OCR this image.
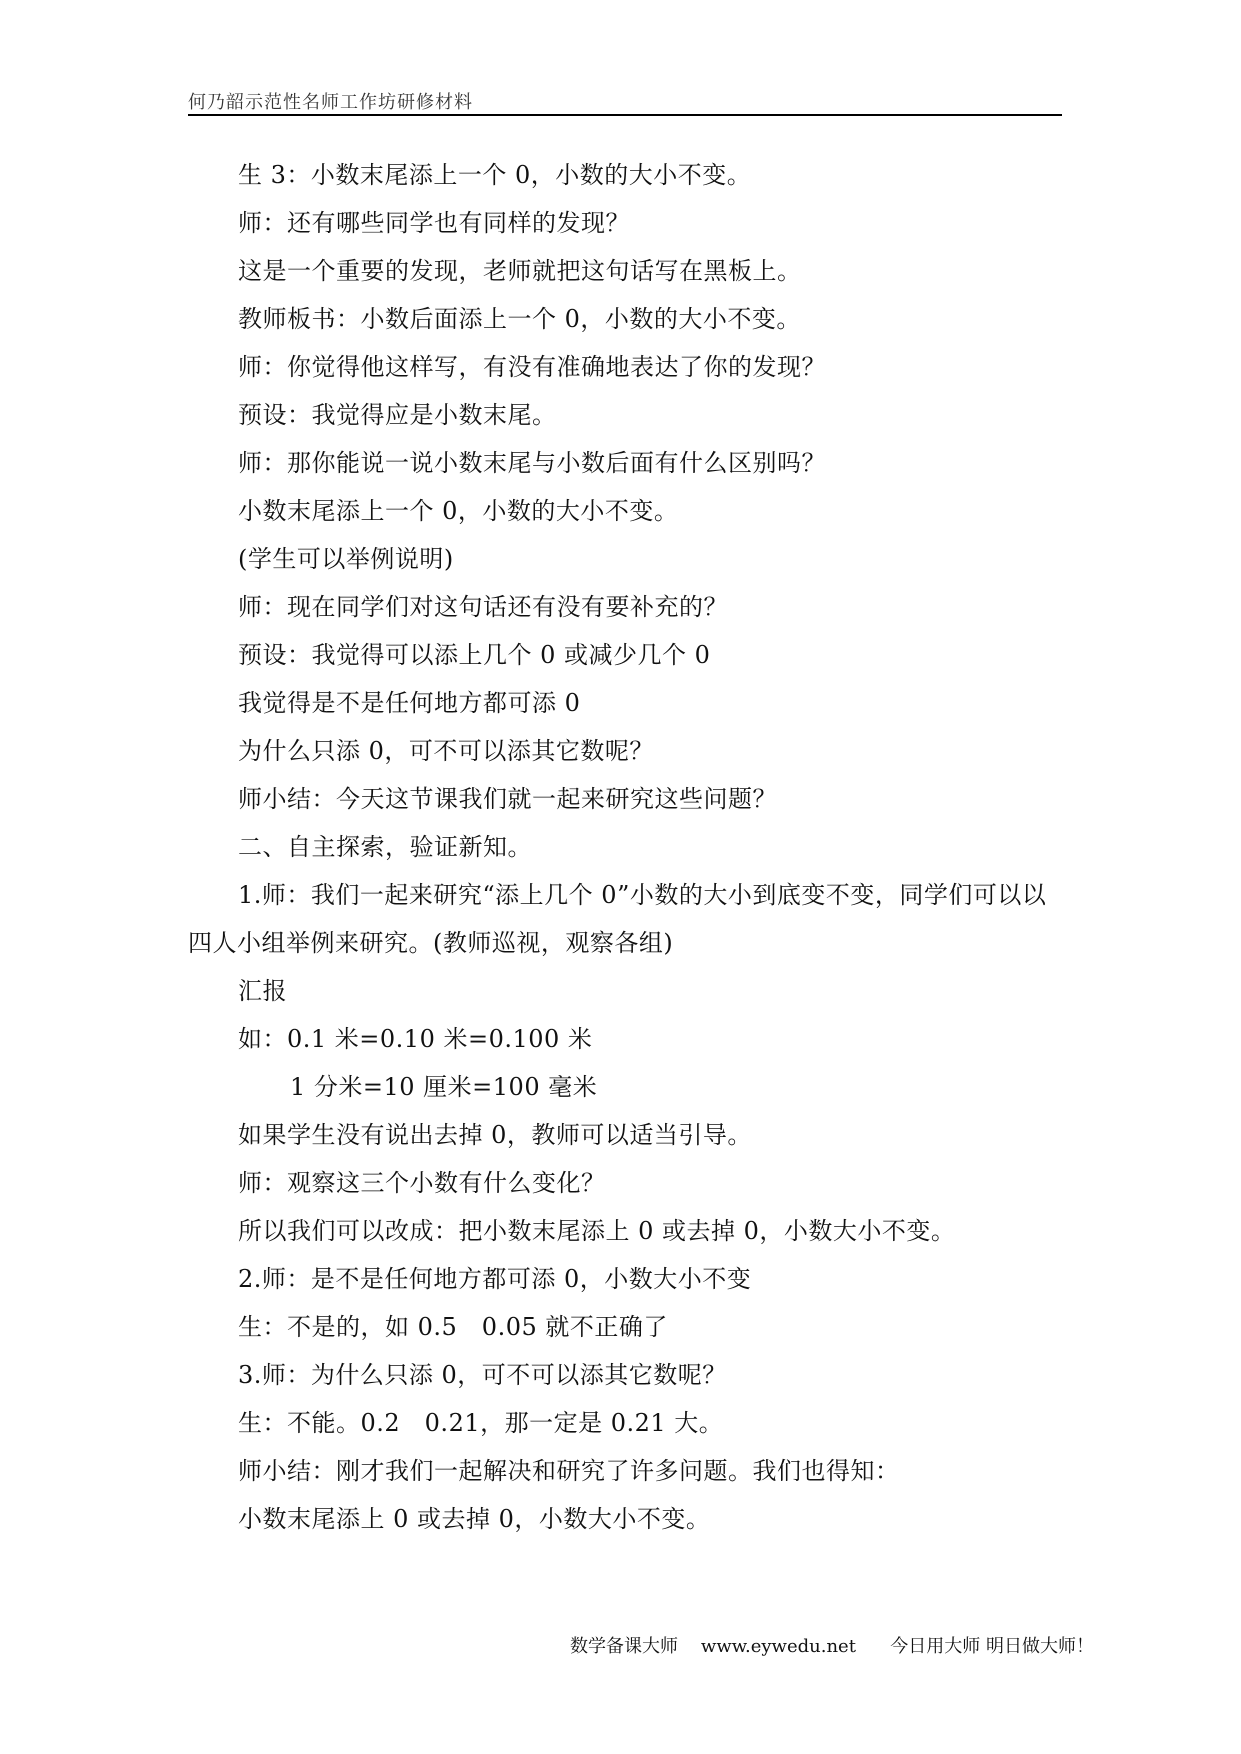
何乃韶示范性名师工作坊研修材料
生 3：小数末尾添上一个 0，小数的大小不变。
师：还有哪些同学也有同样的发现？
这是一个重要的发现，老师就把这句话写在黑板上。
教师板书：小数后面添上一个 0，小数的大小不变。
师：你觉得他这样写，有没有准确地表达了你的发现？
预设：我觉得应是小数末尾。
师：那你能说一说小数末尾与小数后面有什么区别吗？
小数末尾添上一个 0，小数的大小不变。
(学生可以举例说明)
师：现在同学们对这句话还有没有要补充的？
预设：我觉得可以添上几个 0 或减少几个 0
我觉得是不是任何地方都可添 0
为什么只添 0，可不可以添其它数呢？
师小结：今天这节课我们就一起来研究这些问题？
二、自主探索，验证新知。
1.师：我们一起来研究“添上几个 0”小数的大小到底变不变，同学们可以以
四人小组举例来研究。(教师巡视，观察各组)
汇报
如：0.1 米=0.10 米=0.100 米
1 分米=10 厘米=100 毫米
如果学生没有说出去掉 0，教师可以适当引导。
师：观察这三个小数有什么变化？
所以我们可以改成：把小数末尾添上 0 或去掉 0，小数大小不变。
2.师：是不是任何地方都可添 0，小数大小不变
生：不是的，如 0.5　0.05 就不正确了
3.师：为什么只添 0，可不可以添其它数呢？
生：不能。0.2　0.21，那一定是 0.21 大。
师小结：刚才我们一起解决和研究了许多问题。我们也得知：
小数末尾添上 0 或去掉 0，小数大小不变。
数学备课大师 www.eywedu.net 今日用大师 明日做大师！
